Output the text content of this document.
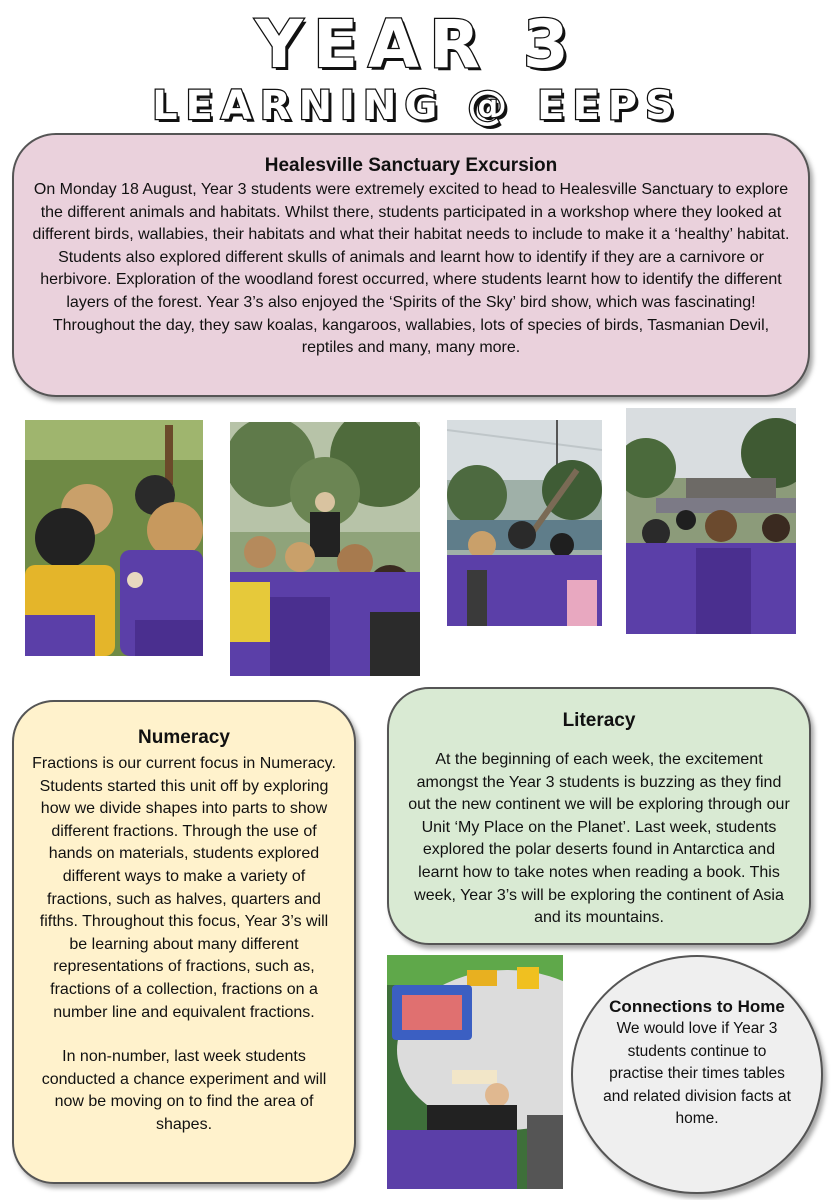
YEAR 3
LEARNING @ EEPS
Healesville Sanctuary Excursion

On Monday 18 August, Year 3 students were extremely excited to head to Healesville Sanctuary to explore the different animals and habitats. Whilst there, students participated in a workshop where they looked at different birds, wallabies, their habitats and what their habitat needs to include to make it a ‘healthy’ habitat. Students also explored different skulls of animals and learnt how to identify if they are a carnivore or herbivore. Exploration of the woodland forest occurred, where students learnt how to identify the different layers of the forest. Year 3’s also enjoyed the ‘Spirits of the Sky’ bird show, which was fascinating! Throughout the day, they saw koalas, kangaroos, wallabies, lots of species of birds, Tasmanian Devil, reptiles and many, many more.

Numeracy

Fractions is our current focus in Numeracy. Students started this unit off by exploring how we divide shapes into parts to show different fractions. Through the use of hands on materials, students explored different ways to make a variety of fractions, such as halves, quarters and fifths. Throughout this focus, Year 3’s will be learning about many different representations of fractions, such as, fractions of a collection, fractions on a number line and equivalent fractions.

In non-number, last week students conducted a chance experiment and will now be moving on to find the area of shapes.

Literacy

At the beginning of each week, the excitement amongst the Year 3 students is buzzing as they find out the new continent we will be exploring through our Unit ‘My Place on the Planet’. Last week, students explored the polar deserts found in Antarctica and learnt how to take notes when reading a book. This week, Year 3’s will be exploring the continent of Asia and its mountains.

Connections to Home

We would love if Year 3 students continue to practise their times tables and related division facts at home.
